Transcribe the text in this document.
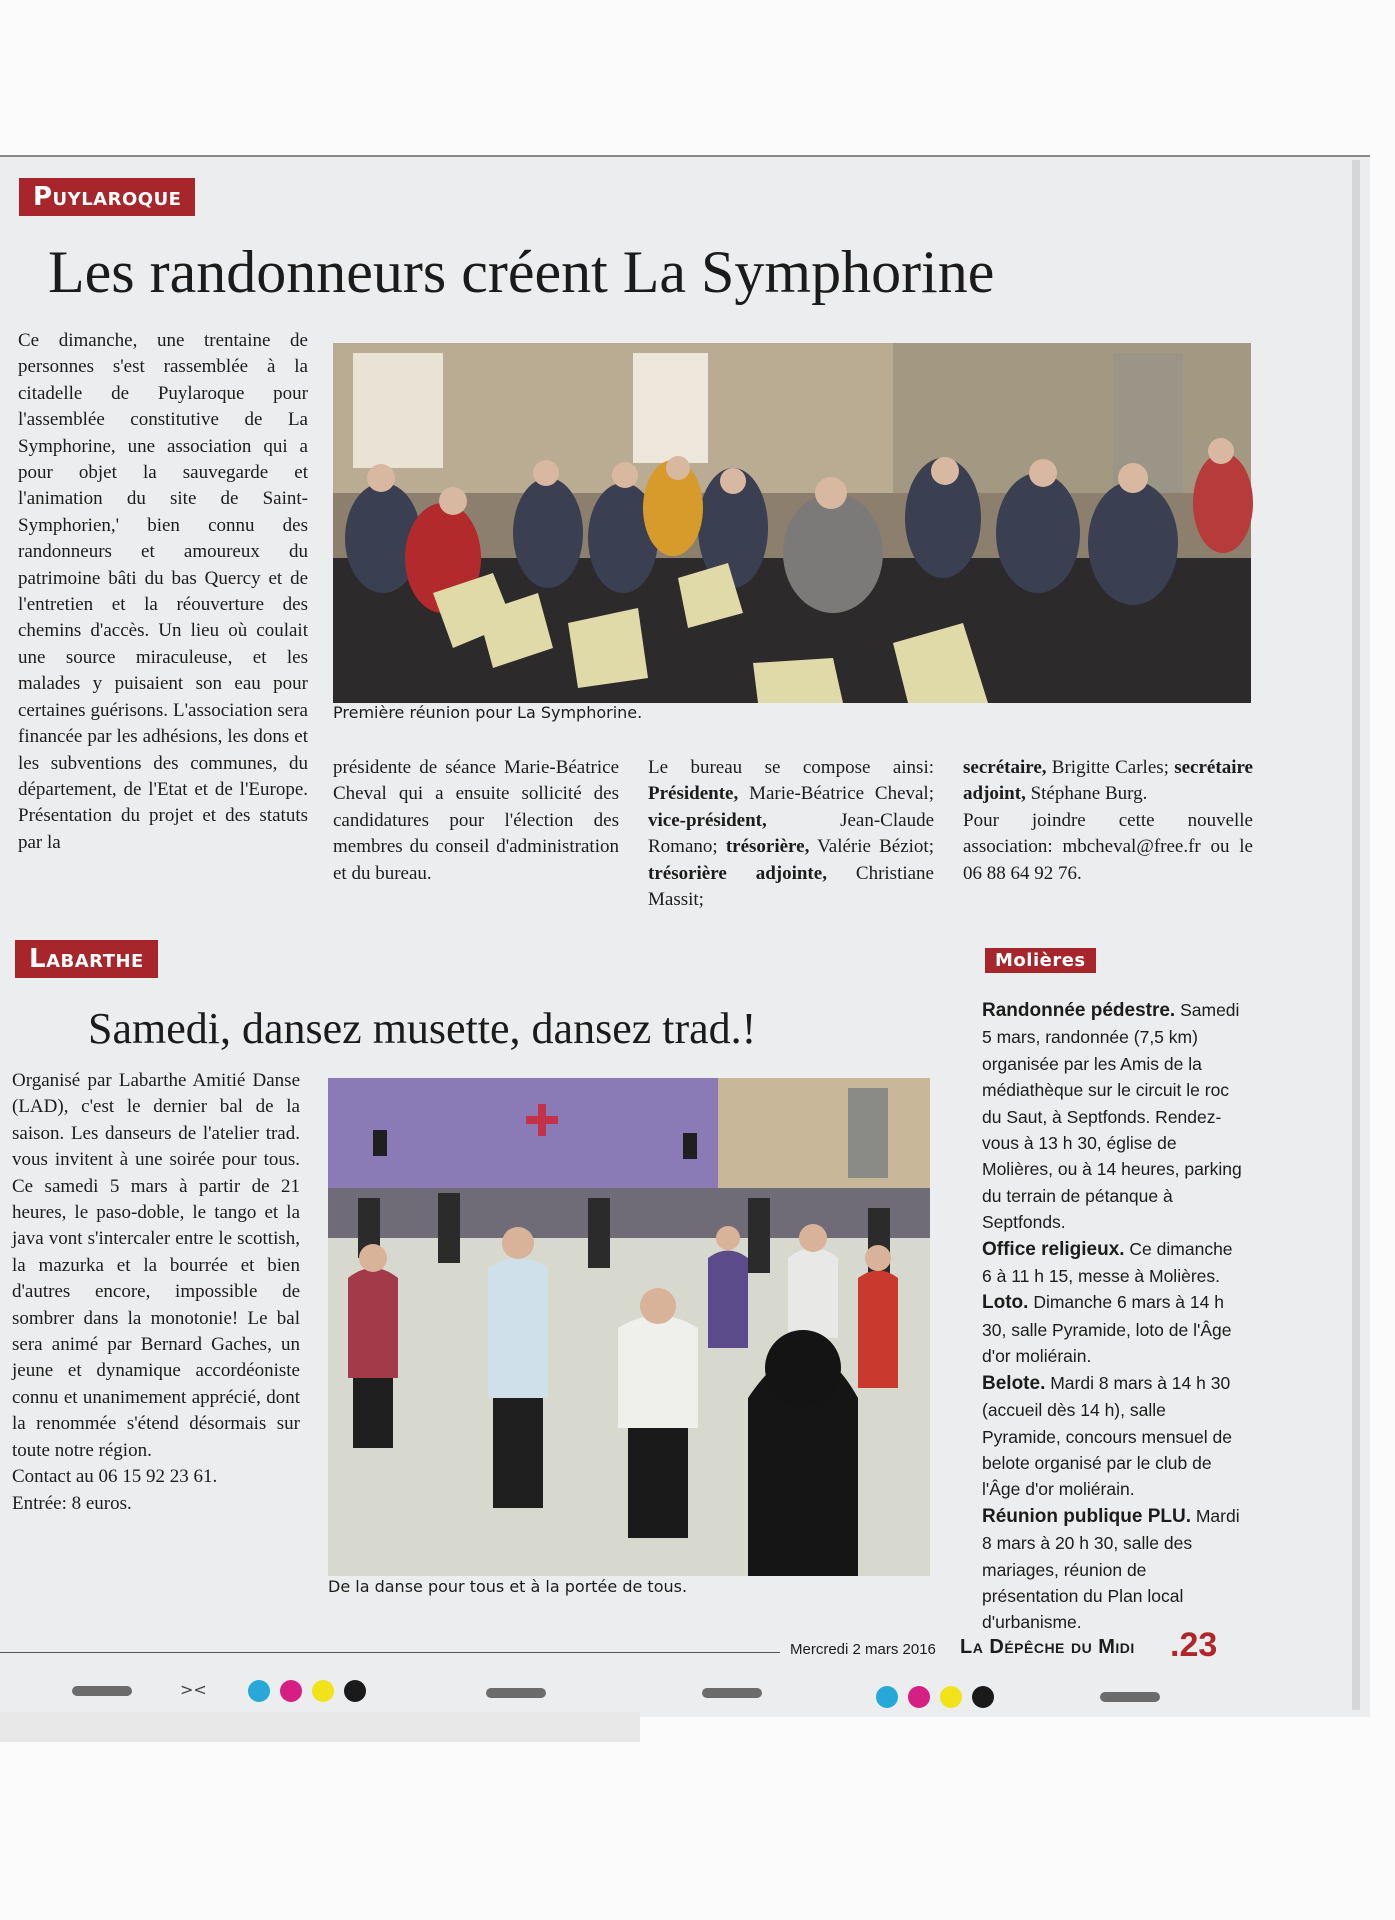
Puylaroque
Les randonneurs créent La Symphorine

Ce dimanche, une trentaine de personnes s'est rassemblée à la citadelle de Puylaroque pour l'assemblée constitutive de La Symphorine, une association qui a pour objet la sauvegarde et l'animation du site de Saint-Symphorien,' bien connu des randonneurs et amoureux du patrimoine bâti du bas Quercy et de l'entretien et la réouverture des chemins d'accès. Un lieu où coulait une source miraculeuse, et les malades y puisaient son eau pour certaines guérisons. L'association sera financée par les adhésions, les dons et les subventions des communes, du département, de l'Etat et de l'Europe. Présentation du projet et des statuts par la

Première réunion pour La Symphorine.

présidente de séance Marie-Béatrice Cheval qui a ensuite sollicité des candidatures pour l'élection des membres du conseil d'administration et du bureau.

Le bureau se compose ainsi: Présidente, Marie-Béatrice Cheval; vice-président,	Jean-Claude Romano; trésorière, Valérie Béziot; trésorière adjointe, Christiane Massit;

secrétaire, Brigitte Carles; secrétaire adjoint, Stéphane Burg.

Pour joindre cette nouvelle association: mbcheval@free.fr ou le 06 88 64 92 76.

Labarthe
Samedi, dansez musette, dansez trad.!

Organisé par Labarthe Amitié Danse (LAD), c'est le dernier bal de la saison. Les danseurs de l'atelier trad. vous invitent à une soirée pour tous. Ce samedi 5 mars à partir de 21 heures, le paso-doble, le tango et la java vont s'intercaler entre le scottish, la mazurka et la bourrée et bien d'autres encore, impossible de sombrer dans la monotonie! Le bal sera animé par Bernard Gaches, un jeune et dynamique accordéoniste connu et unanimement apprécié, dont la renommée s'étend désormais sur toute notre région.

Contact au 06 15 92 23 61.

Entrée: 8 euros.

De la danse pour tous et à la portée de tous.
Molières

Randonnée pédestre. Samedi 5 mars, randonnée (7,5 km) organisée par les Amis de la médiathèque sur le circuit le roc du Saut, à Septfonds. Rendez-vous à 13 h 30, église de Molières, ou à 14 heures, parking du terrain de pétanque à Septfonds.

Office religieux. Ce dimanche 6 à 11 h 15, messe à Molières.

Loto. Dimanche 6 mars à 14 h 30, salle Pyramide, loto de l'Âge d'or moliérain.

Belote. Mardi 8 mars à 14 h 30 (accueil dès 14 h), salle Pyramide, concours mensuel de belote organisé par le club de l'Âge d'or moliérain.

Réunion publique PLU. Mardi 8 mars à 20 h 30, salle des mariages, réunion de présentation du Plan local d'urbanisme.

Mercredi 2 mars 2016 La Dépêche du Midi .23
><
